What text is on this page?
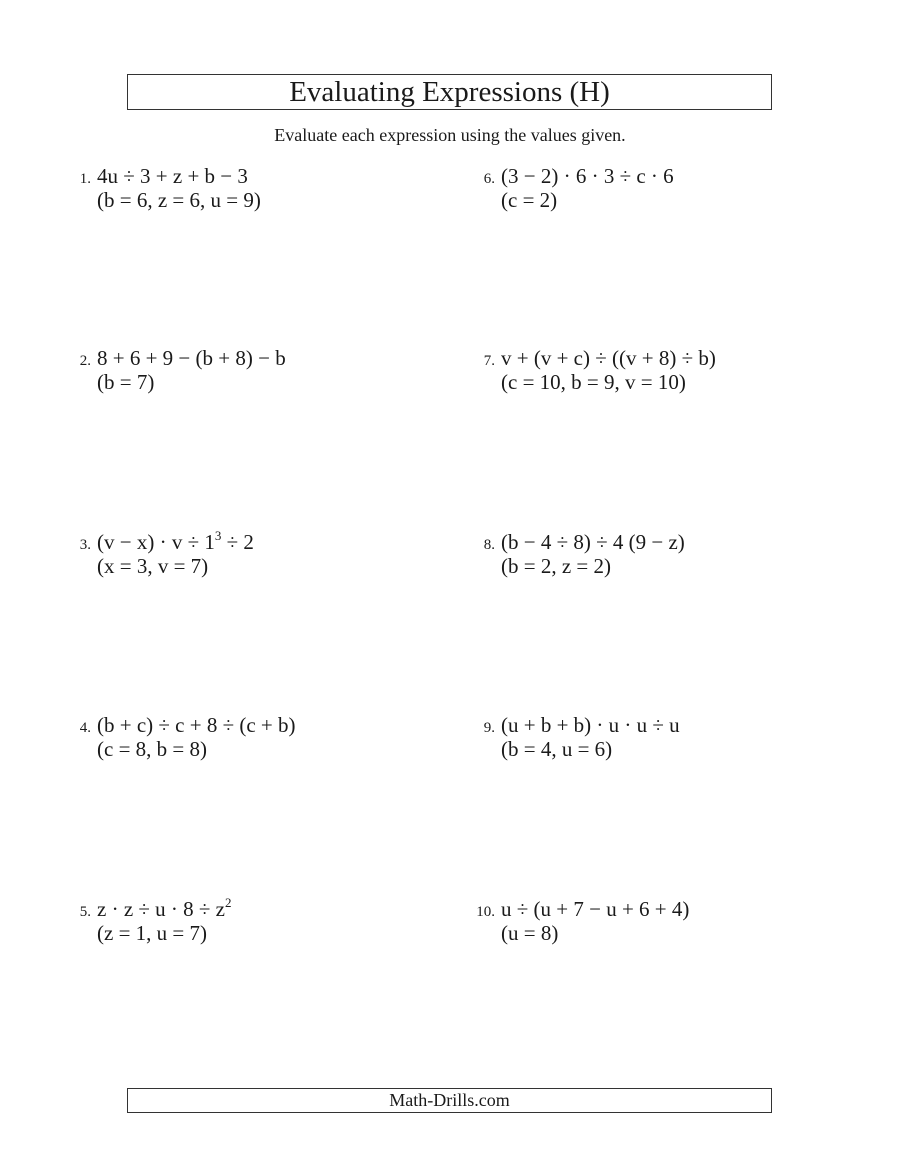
Evaluating Expressions (H)
Evaluate each expression using the values given.
1. 4u ÷ 3 + z + b − 3
(b = 6, z = 6, u = 9)
2. 8 + 6 + 9 − (b + 8) − b
(b = 7)
3. $(v - x) \cdot v \div 1^3 \div 2$
(x = 3, v = 7)
4. (b + c) ÷ c + 8 ÷ (c + b)
(c = 8, b = 8)
5. $z \cdot z \div u \cdot 8 \div z^2$
(z = 1, u = 7)
6. (3 − 2) · 6 · 3 ÷ c · 6
(c = 2)
7. v + (v + c) ÷ ((v + 8) ÷ b)
(c = 10, b = 9, v = 10)
8. (b − 4 ÷ 8) ÷ 4 (9 − z)
(b = 2, z = 2)
9. (u + b + b) · u · u ÷ u
(b = 4, u = 6)
10. u ÷ (u + 7 − u + 6 + 4)
(u = 8)
Math-Drills.com
